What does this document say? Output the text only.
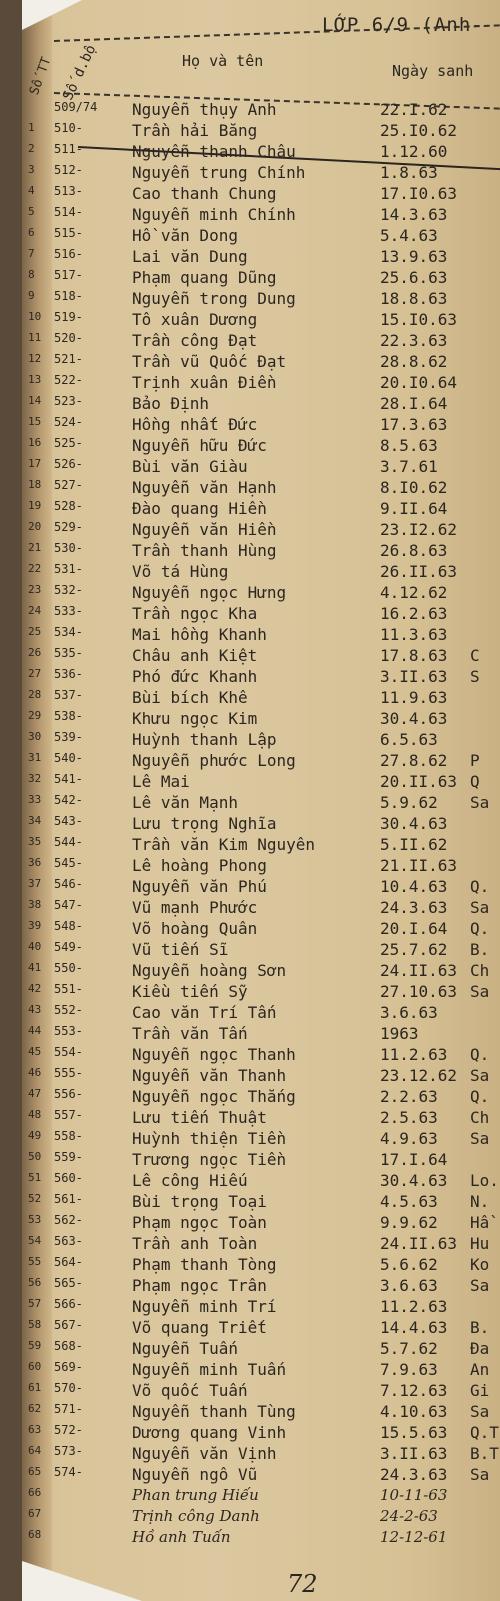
LỚP 6/9 (Anh-
Số TT Số d.bộ	Họ và tên
Ngày sanh
509/74 Nguyễn thụy Anh	22.I.62
1 510-	Trần hải Băng	25.I0.62
2 511-	Nguyễn thanh Châu	1.12.60
3 512-	Nguyễn trung Chính	1.8.63
4 513-	Cao thanh Chung	17.I0.63
5 514-	Nguyễn minh Chính	14.3.63
6 515-	Hồ văn Dong	5.4.63
7 516-	Lai văn Dung	13.9.63
8 517-	Phạm quang Dũng	25.6.63
9 518-	Nguyễn trong Dung	18.8.63
10 519-	Tô xuân Dương	15.I0.63
11 520-	Trần công Đạt	22.3.63
12 521-	Trần vũ Quốc Đạt	28.8.62
13 522-	Trịnh xuân Điền	20.I0.64
14 523-	Bảo Định	28.I.64
15 524-	Hồng nhất Đức	17.3.63
16 525-	Nguyễn hữu Đức	8.5.63
17 526-	Bùi văn Giàu	3.7.61
18 527-	Nguyễn văn Hạnh	8.I0.62
19 528-	Đào quang Hiền	9.II.64
20 529-	Nguyễn văn Hiền	23.I2.62
21 530-	Trần thanh Hùng	26.8.63
22 531-	Võ tá Hùng	26.II.63
23 532-	Nguyễn ngọc Hưng	4.12.62
24 533-	Trần ngọc Kha	16.2.63
25 534-	Mai hồng Khanh	11.3.63
26 535-	Châu anh Kiệt	17.8.63 C
27 536-	Phó đức Khanh	3.II.63 S
28 537-	Bùi bích Khê	11.9.63
29 538-	Khưu ngọc Kim	30.4.63
30 539-	Huỳnh thanh Lập	6.5.63
31 540-	Nguyễn phước Long	27.8.62 P
32 541-	Lê Mai	20.II.63 Q
33 542-	Lê văn Mạnh	5.9.62 Sa
34 543-	Lưu trọng Nghĩa	30.4.63
35 544-	Trần văn Kim Nguyên	5.II.62
36 545-	Lê hoàng Phong	21.II.63
37 546-	Nguyễn văn Phú	10.4.63 Q.
38 547-	Vũ mạnh Phước	24.3.63 Sa
39 548-	Võ hoàng Quân	20.I.64 Q.
40 549-	Vũ tiến Sĩ	25.7.62 B.
41 550-	Nguyễn hoàng Sơn	24.II.63 Ch
42 551-	Kiều tiến Sỹ	27.10.63 Sa
43 552-	Cao văn Trí Tấn	3.6.63
44 553-	Trần văn Tấn	1963
45 554-	Nguyễn ngọc Thanh	11.2.63 Q.
46 555-	Nguyễn văn Thanh	23.12.62 Sa
47 556-	Nguyễn ngọc Thắng	2.2.63 Q.
48 557-	Lưu tiến Thuật	2.5.63 Ch
49 558-	Huỳnh thiện Tiền	4.9.63 Sa
50 559-	Trương ngọc Tiền	17.I.64
51 560-	Lê công Hiếu	30.4.63 Lo.
52 561-	Bùi trọng Toại	4.5.63 N.
53 562-	Phạm ngọc Toàn	9.9.62 Hầ
54 563-	Trần anh Toàn	24.II.63 Hu
55 564-	Phạm thanh Tòng	5.6.62 Ko
56 565-	Phạm ngọc Trân	3.6.63 Sa
57 566-	Nguyễn minh Trí	11.2.63
58 567-	Võ quang Triết	14.4.63 B.
59 568-	Nguyễn Tuấn	5.7.62 Đa
60 569-	Nguyễn minh Tuấn	7.9.63 An
61 570-	Võ quốc Tuấn	7.12.63 Gi
62 571-	Nguyễn thanh Tùng	4.10.63 Sa
63 572-	Dương quang Vinh	15.5.63 Q.T
64 573-	Nguyễn văn Vịnh	3.II.63 B.T
65 574-	Nguyễn ngô Vũ	24.3.63 Sa
66	Phan trung Hiếu	10-11-63
67	Trịnh công Danh	24-2-63
68	Hồ anh Tuấn	12-12-61
72
